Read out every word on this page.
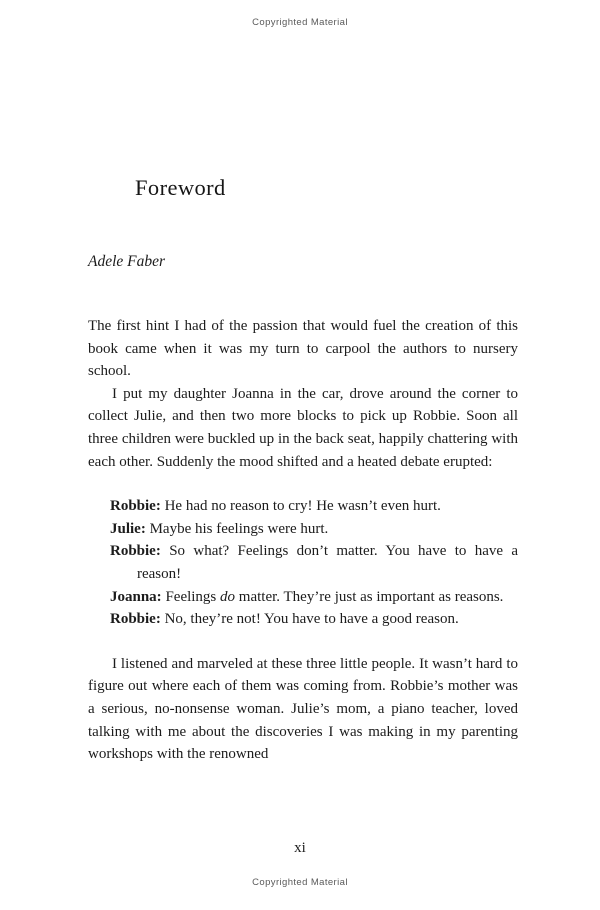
Copyrighted Material
Foreword

Adele Faber

The first hint I had of the passion that would fuel the creation of this book came when it was my turn to carpool the authors to nursery school.

I put my daughter Joanna in the car, drove around the corner to collect Julie, and then two more blocks to pick up Robbie. Soon all three children were buckled up in the back seat, happily chattering with each other. Suddenly the mood shifted and a heated debate erupted:

Robbie: He had no reason to cry! He wasn’t even hurt.

Julie: Maybe his feelings were hurt.

Robbie: So what? Feelings don’t matter. You have to have a reason!

Joanna: Feelings do matter. They’re just as important as reasons.

Robbie: No, they’re not! You have to have a good reason.

I listened and marveled at these three little people. It wasn’t hard to figure out where each of them was coming from. Robbie’s mother was a serious, no-nonsense woman. Julie’s mom, a piano teacher, loved talking with me about the discoveries I was making in my parenting workshops with the renowned

xi
Copyrighted Material
